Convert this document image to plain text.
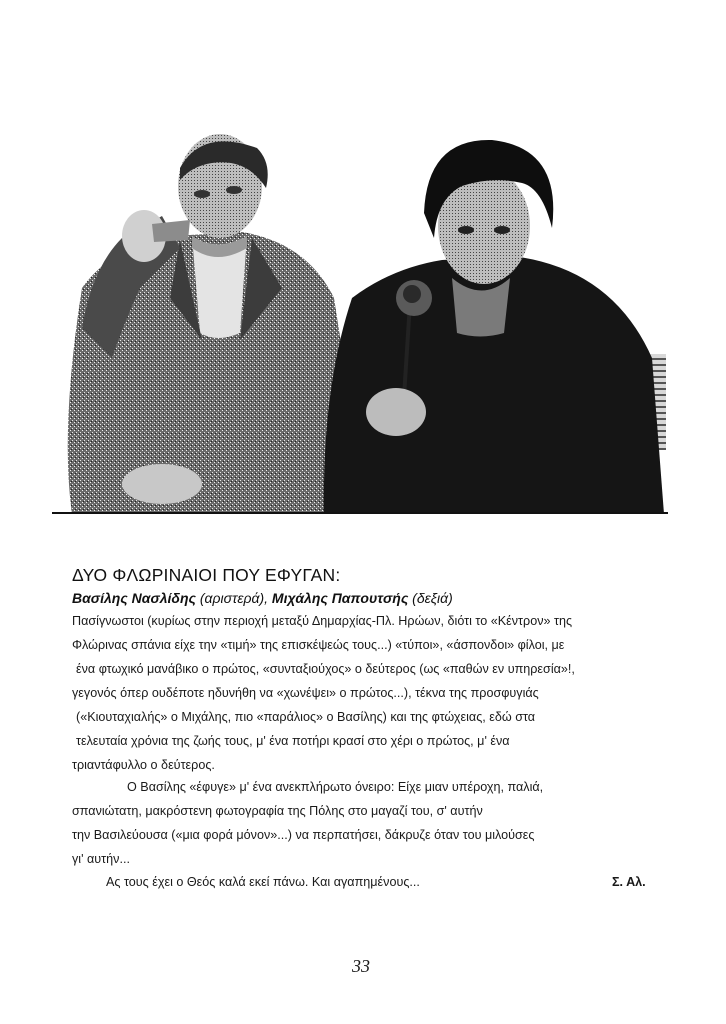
ΔΥΟ ΦΛΩΡΙΝΑΙΟΙ ΠΟΥ ΕΦΥΓΑΝ:
Βασίλης Νασλίδης (αριστερά), Μιχάλης Παπουτσής (δεξιά)
Πασίγνωστοι (κυρίως στην περιοχή μεταξύ Δημαρχίας-Πλ. Ηρώων, διότι το «Κέντρον» της
Φλώρινας σπάνια είχε την «τιμή» της επισκέψεώς τους...) «τύποι», «άσπονδοι» φίλοι, με
ένα φτωχικό μανάβικο ο πρώτος, «συνταξιούχος» ο δεύτερος (ως «παθών εν υπηρεσία»!,
γεγονός όπερ ουδέποτε ηδυνήθη να «χωνέψει» ο πρώτος...), τέκνα της προσφυγιάς
(«Κιουταχιαλής» ο Μιχάλης, πιο «παράλιος» ο Βασίλης) και της φτώχειας, εδώ στα
τελευταία χρόνια της ζωής τους, μ' ένα ποτήρι κρασί στο χέρι ο πρώτος, μ' ένα
τριαντάφυλλο ο δεύτερος.
Ο Βασίλης «έφυγε» μ' ένα ανεκπλήρωτο όνειρο: Είχε μιαν υπέροχη, παλιά,
σπανιώτατη, μακρόστενη φωτογραφία της Πόλης στο μαγαζί του, σ' αυτήν
την Βασιλεύουσα («μια φορά μόνον»...) να περπατήσει, δάκρυζε όταν του μιλούσες
γι' αυτήν...
Ας τους έχει ο Θεός καλά εκεί πάνω. Και αγαπημένους...	Σ. Αλ.
33
